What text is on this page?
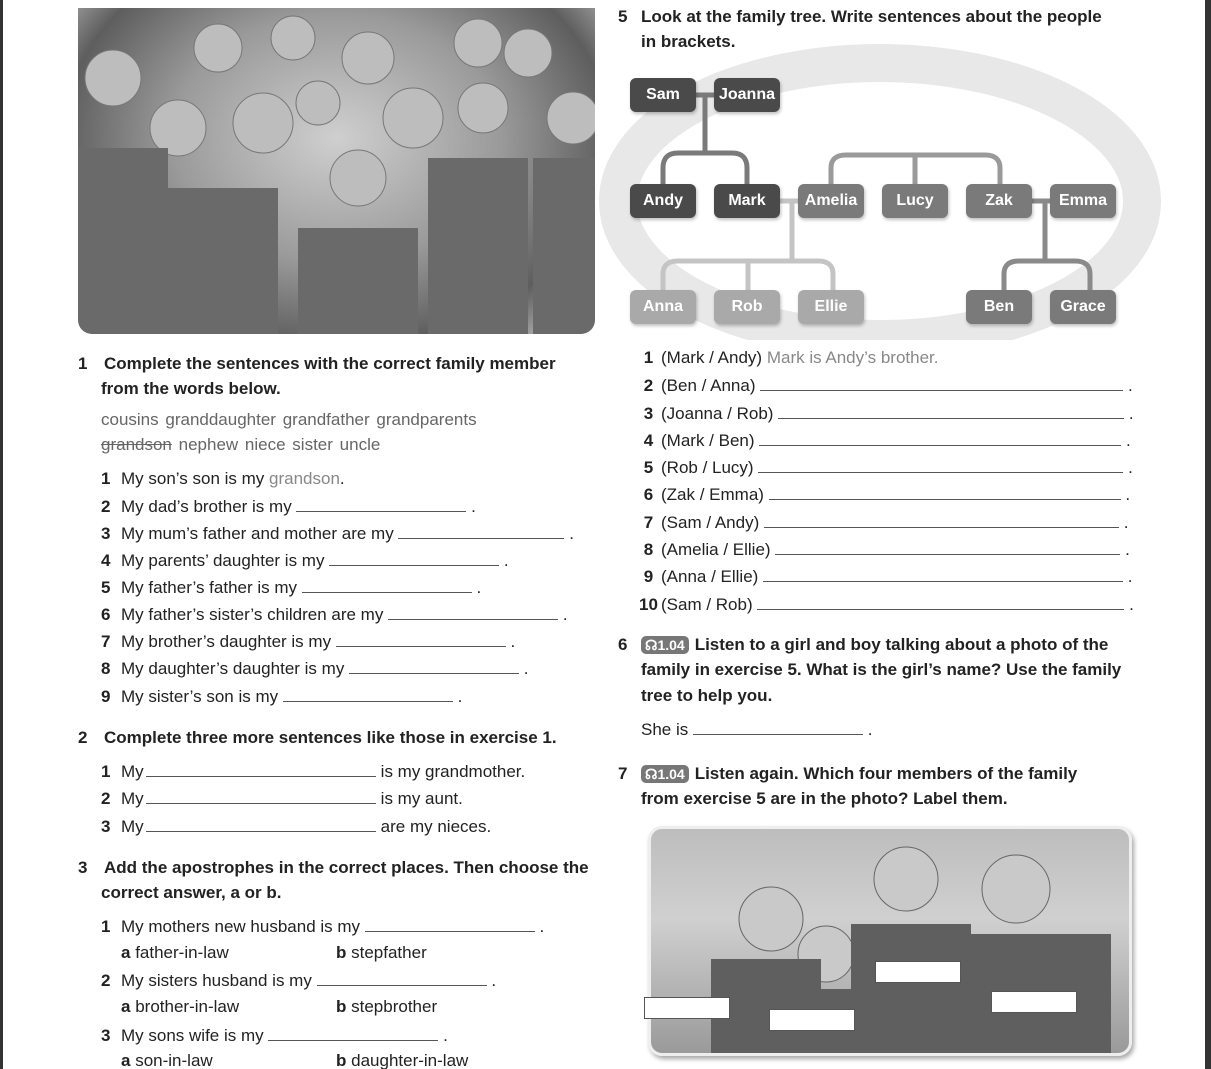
1 Complete the sentences with the correct family member
from the words below.
cousins granddaughter grandfather grandparents
grandson nephew niece sister uncle
1 My son’s son is my grandson.
2 My dad’s brother is my	.
3 My mum’s father and mother are my	.
4 My parents’ daughter is my	.
5 My father’s father is my	.
6 My father’s sister’s children are my	.
7 My brother’s daughter is my	.
8 My daughter’s daughter is my	.
9 My sister’s son is my	.
2 Complete three more sentences like those in exercise 1.
1 My	is my grandmother.
2 My	is my aunt.
3 My	are my nieces.
3 Add the apostrophes in the correct places. Then choose the
correct answer, a or b.
1 My mothers new husband is my	.
a father-in-law	b stepfather
2 My sisters husband is my	.
a brother-in-law	b stepbrother
3 My sons wife is my	.
a son-in-law	b daughter-in-law
5 Look at the family tree. Write sentences about the people
in brackets.
Sam	Joanna
Andy	Mark	Amelia	Lucy	Zak	Emma
Anna	Rob	Ellie	Ben	Grace
1 (Mark / Andy) Mark is Andy’s brother.
2 (Ben / Anna)	.
3 (Joanna / Rob)	.
4 (Mark / Ben)	.
5 (Rob / Lucy)	.
6 (Zak / Emma)	.
7 (Sam / Andy)	.
8 (Amelia / Ellie)	.
9 (Anna / Ellie)	.
10 (Sam / Rob)	.
6 ☊1.04 Listen to a girl and boy talking about a photo of the
family in exercise 5. What is the girl’s name? Use the family
tree to help you.
She is	.
7 ☊1.04 Listen again. Which four members of the family
from exercise 5 are in the photo? Label them.
